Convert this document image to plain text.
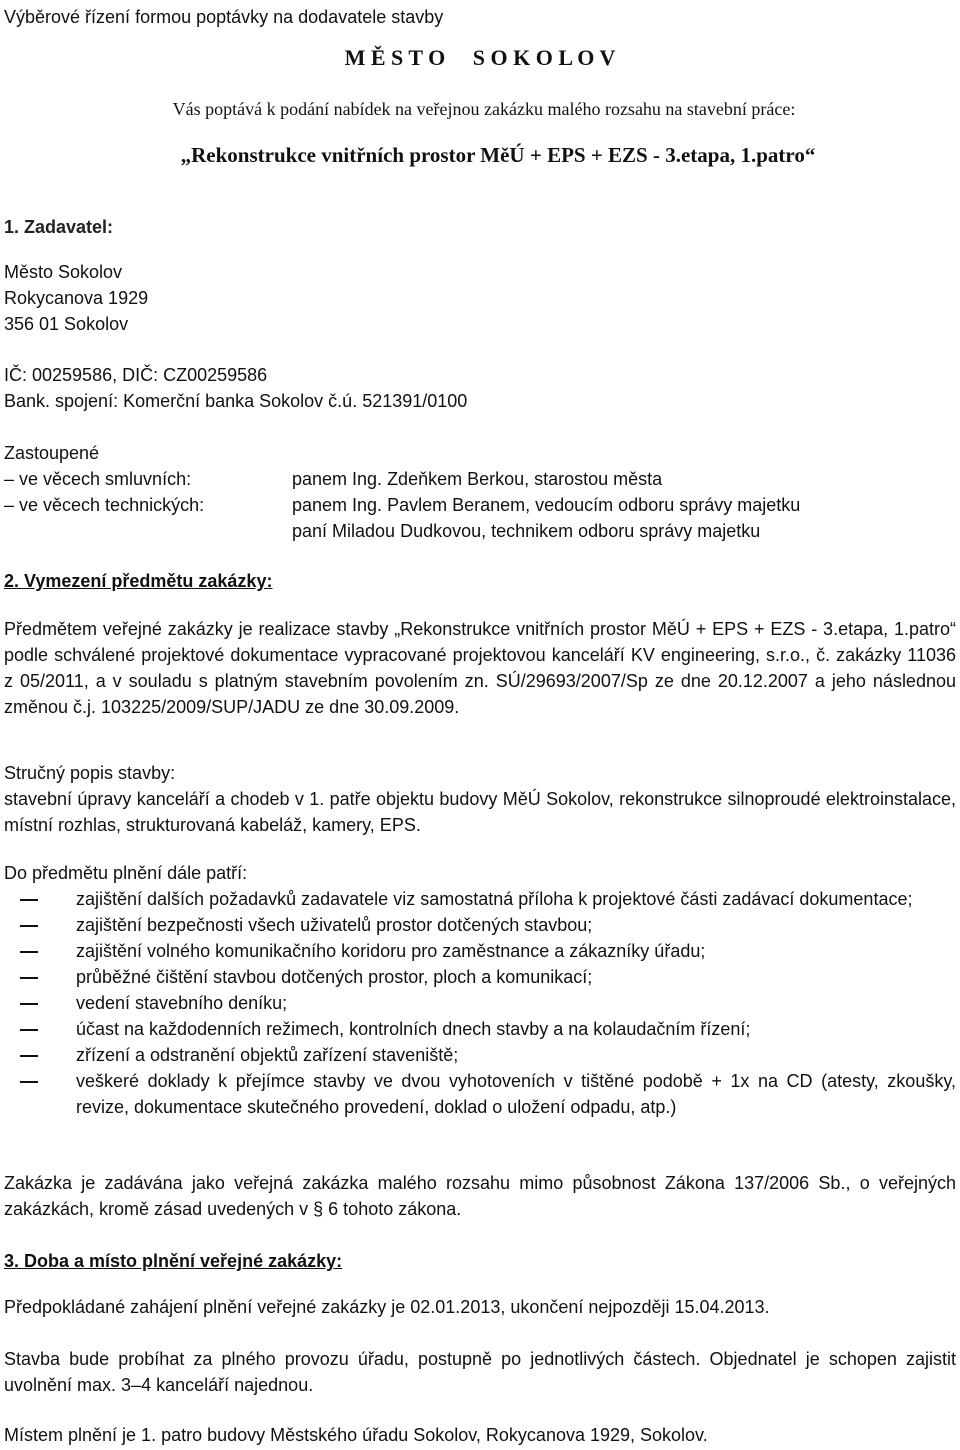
Výběrové řízení formou poptávky na dodavatele stavby
M Ě S T O     S O K O L O V
Vás poptává k podání nabídek na veřejnou zakázku malého rozsahu na stavební práce:
„Rekonstrukce vnitřních prostor MěÚ + EPS + EZS - 3.etapa, 1.patro“
1. Zadavatel:
Město Sokolov
Rokycanova 1929
356 01 Sokolov
IČ: 00259586, DIČ: CZ00259586
Bank. spojení: Komerční banka Sokolov č.ú. 521391/0100
Zastoupené
– ve věcech smluvních:	panem Ing. Zdeňkem Berkou, starostou města
– ve věcech technických:	panem Ing. Pavlem Beranem, vedoucím odboru správy majetku
paní Miladou Dudkovou, technikem odboru správy majetku
2. Vymezení předmětu zakázky:
Předmětem veřejné zakázky je realizace stavby „Rekonstrukce vnitřních prostor MěÚ + EPS + EZS - 3.etapa, 1.patro“ podle schválené projektové dokumentace vypracované projektovou kanceláří KV engineering, s.r.o., č. zakázky 11036 z 05/2011, a v souladu s platným stavebním povolením zn. SÚ/29693/2007/Sp ze dne 20.12.2007 a jeho následnou změnou č.j. 103225/2009/SUP/JADU ze dne 30.09.2009.
Stručný popis stavby:
stavební úpravy kanceláří a chodeb v 1. patře objektu budovy MěÚ Sokolov, rekonstrukce silnoproudé elektroinstalace, místní rozhlas, strukturovaná kabeláž, kamery, EPS.
Do předmětu plnění dále patří:
zajištění dalších požadavků zadavatele viz samostatná příloha k projektové části zadávací dokumentace;
zajištění bezpečnosti všech uživatelů prostor dotčených stavbou;
zajištění volného komunikačního koridoru pro zaměstnance a zákazníky úřadu;
průběžné čištění stavbou dotčených prostor, ploch a komunikací;
vedení stavebního deníku;
účast na každodenních režimech, kontrolních dnech stavby a na kolaudačním řízení;
zřízení a odstranění objektů zařízení staveniště;
veškeré doklady k přejímce stavby ve dvou vyhotoveních v tištěné podobě + 1x na CD (atesty, zkoušky, revize, dokumentace skutečného provedení, doklad o uložení odpadu, atp.)
Zakázka je zadávána jako veřejná zakázka malého rozsahu mimo působnost Zákona 137/2006 Sb., o veřejných zakázkách, kromě zásad uvedených v § 6 tohoto zákona.
3. Doba a místo plnění veřejné zakázky:
Předpokládané zahájení plnění veřejné zakázky je 02.01.2013, ukončení nejpozději 15.04.2013.
Stavba bude probíhat za plného provozu úřadu, postupně po jednotlivých částech. Objednatel je schopen zajistit uvolnění max. 3–4 kanceláří najednou.
Místem plnění je 1. patro budovy Městského úřadu Sokolov, Rokycanova 1929, Sokolov.
